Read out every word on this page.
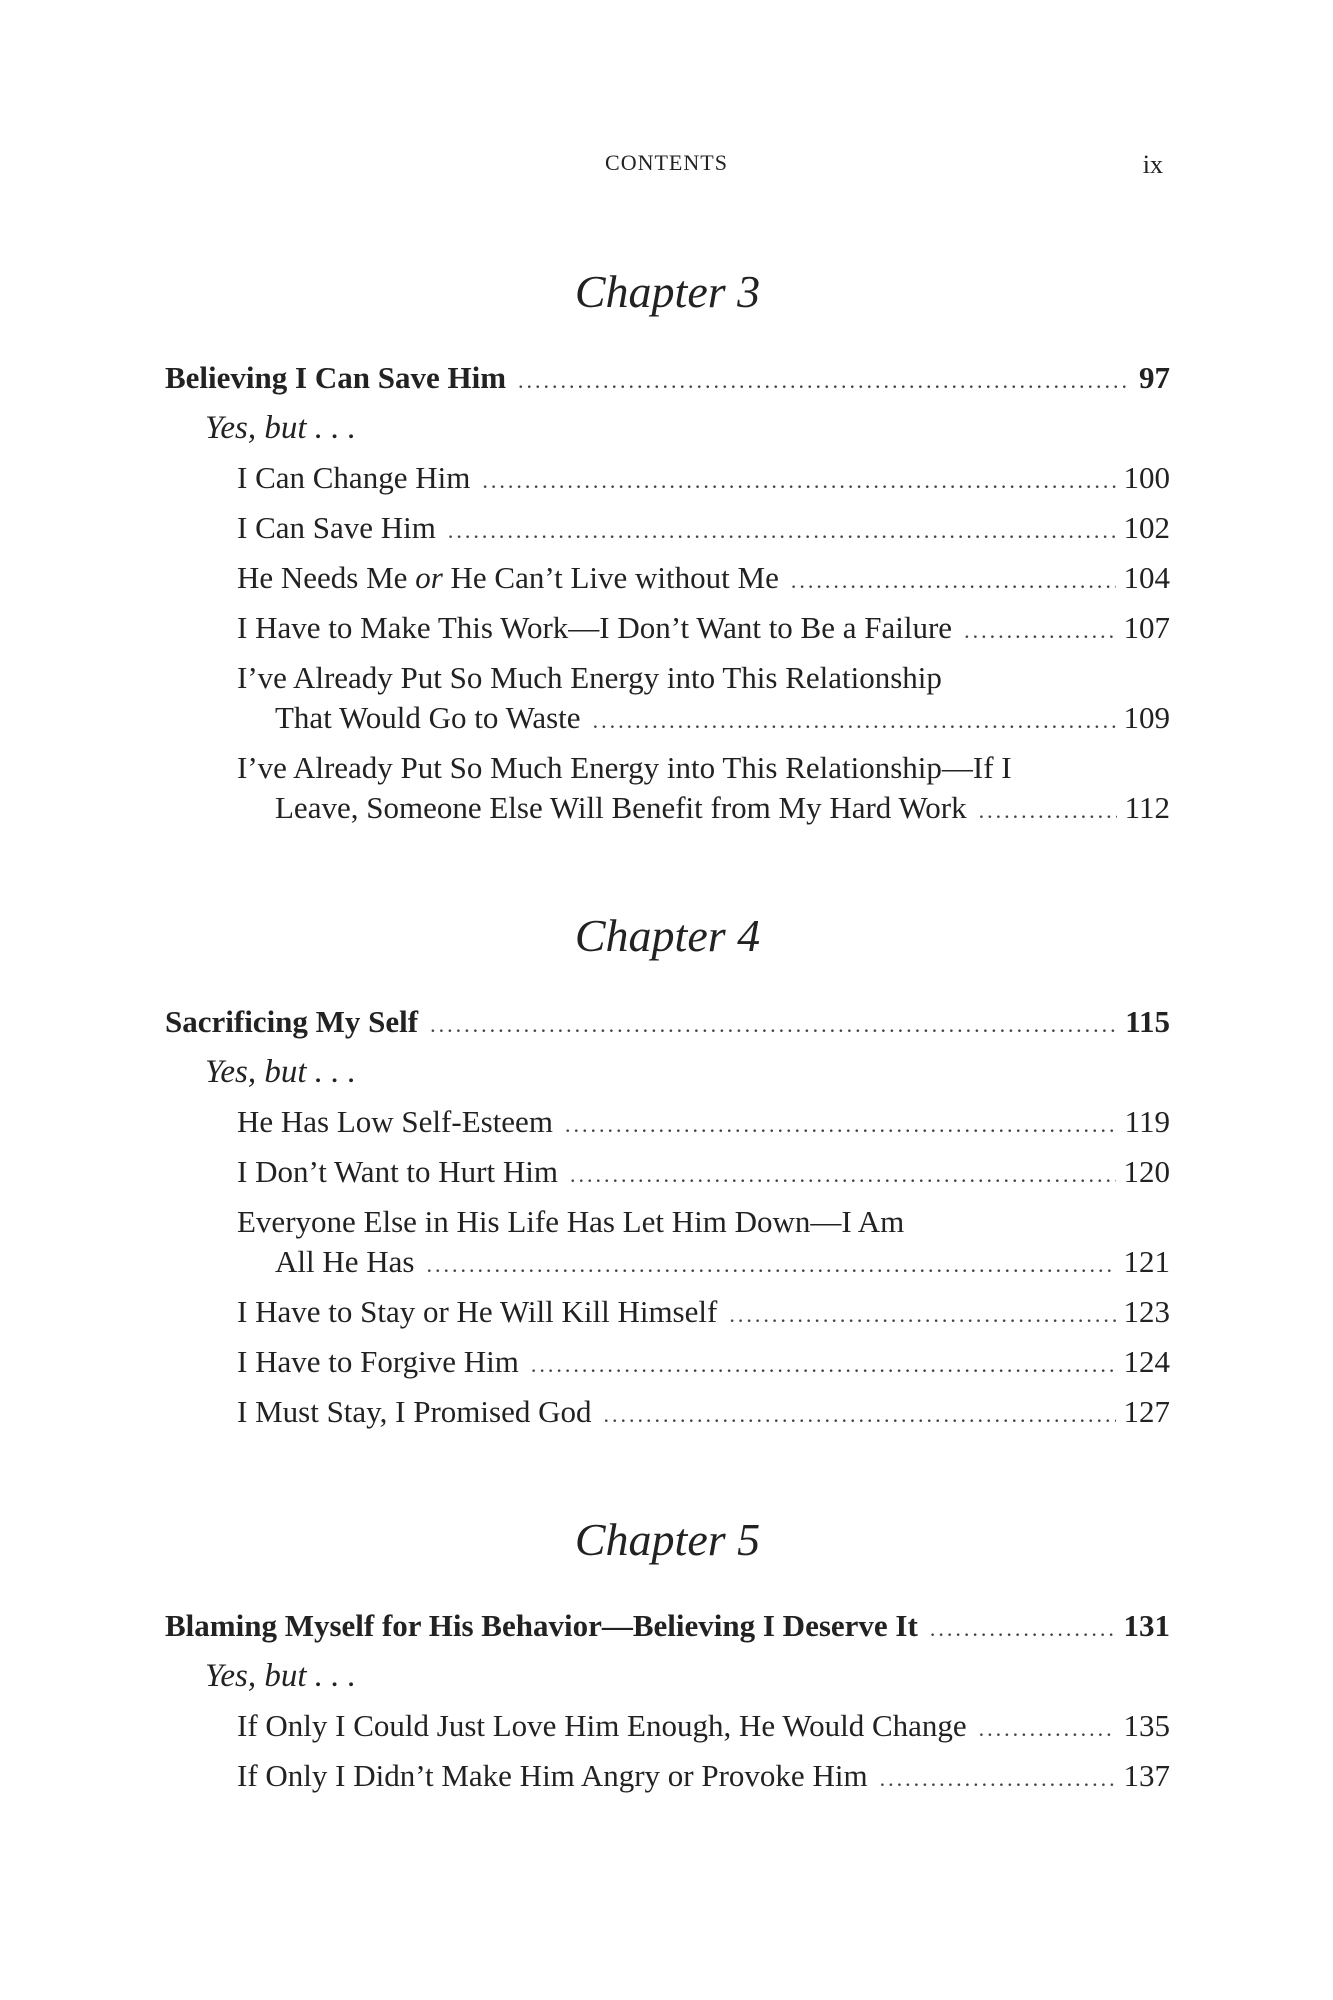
CONTENTS	ix
Chapter 3
Believing I Can Save Him .....	97
Yes, but . . .
I Can Change Him .....	100
I Can Save Him .....	102
He Needs Me or He Can’t Live without Me .....	104
I Have to Make This Work—I Don’t Want to Be a Failure .....	107
I’ve Already Put So Much Energy into This Relationship
That Would Go to Waste .....	109
I’ve Already Put So Much Energy into This Relationship—If I
Leave, Someone Else Will Benefit from My Hard Work .....	112
Chapter 4
Sacrificing My Self .....	115
Yes, but . . .
He Has Low Self-Esteem .....	119
I Don’t Want to Hurt Him .....	120
Everyone Else in His Life Has Let Him Down—I Am
All He Has .....	121
I Have to Stay or He Will Kill Himself .....	123
I Have to Forgive Him .....	124
I Must Stay, I Promised God .....	127
Chapter 5
Blaming Myself for His Behavior—Believing I Deserve It .....	131
Yes, but . . .
If Only I Could Just Love Him Enough, He Would Change .....	135
If Only I Didn’t Make Him Angry or Provoke Him .....	137
